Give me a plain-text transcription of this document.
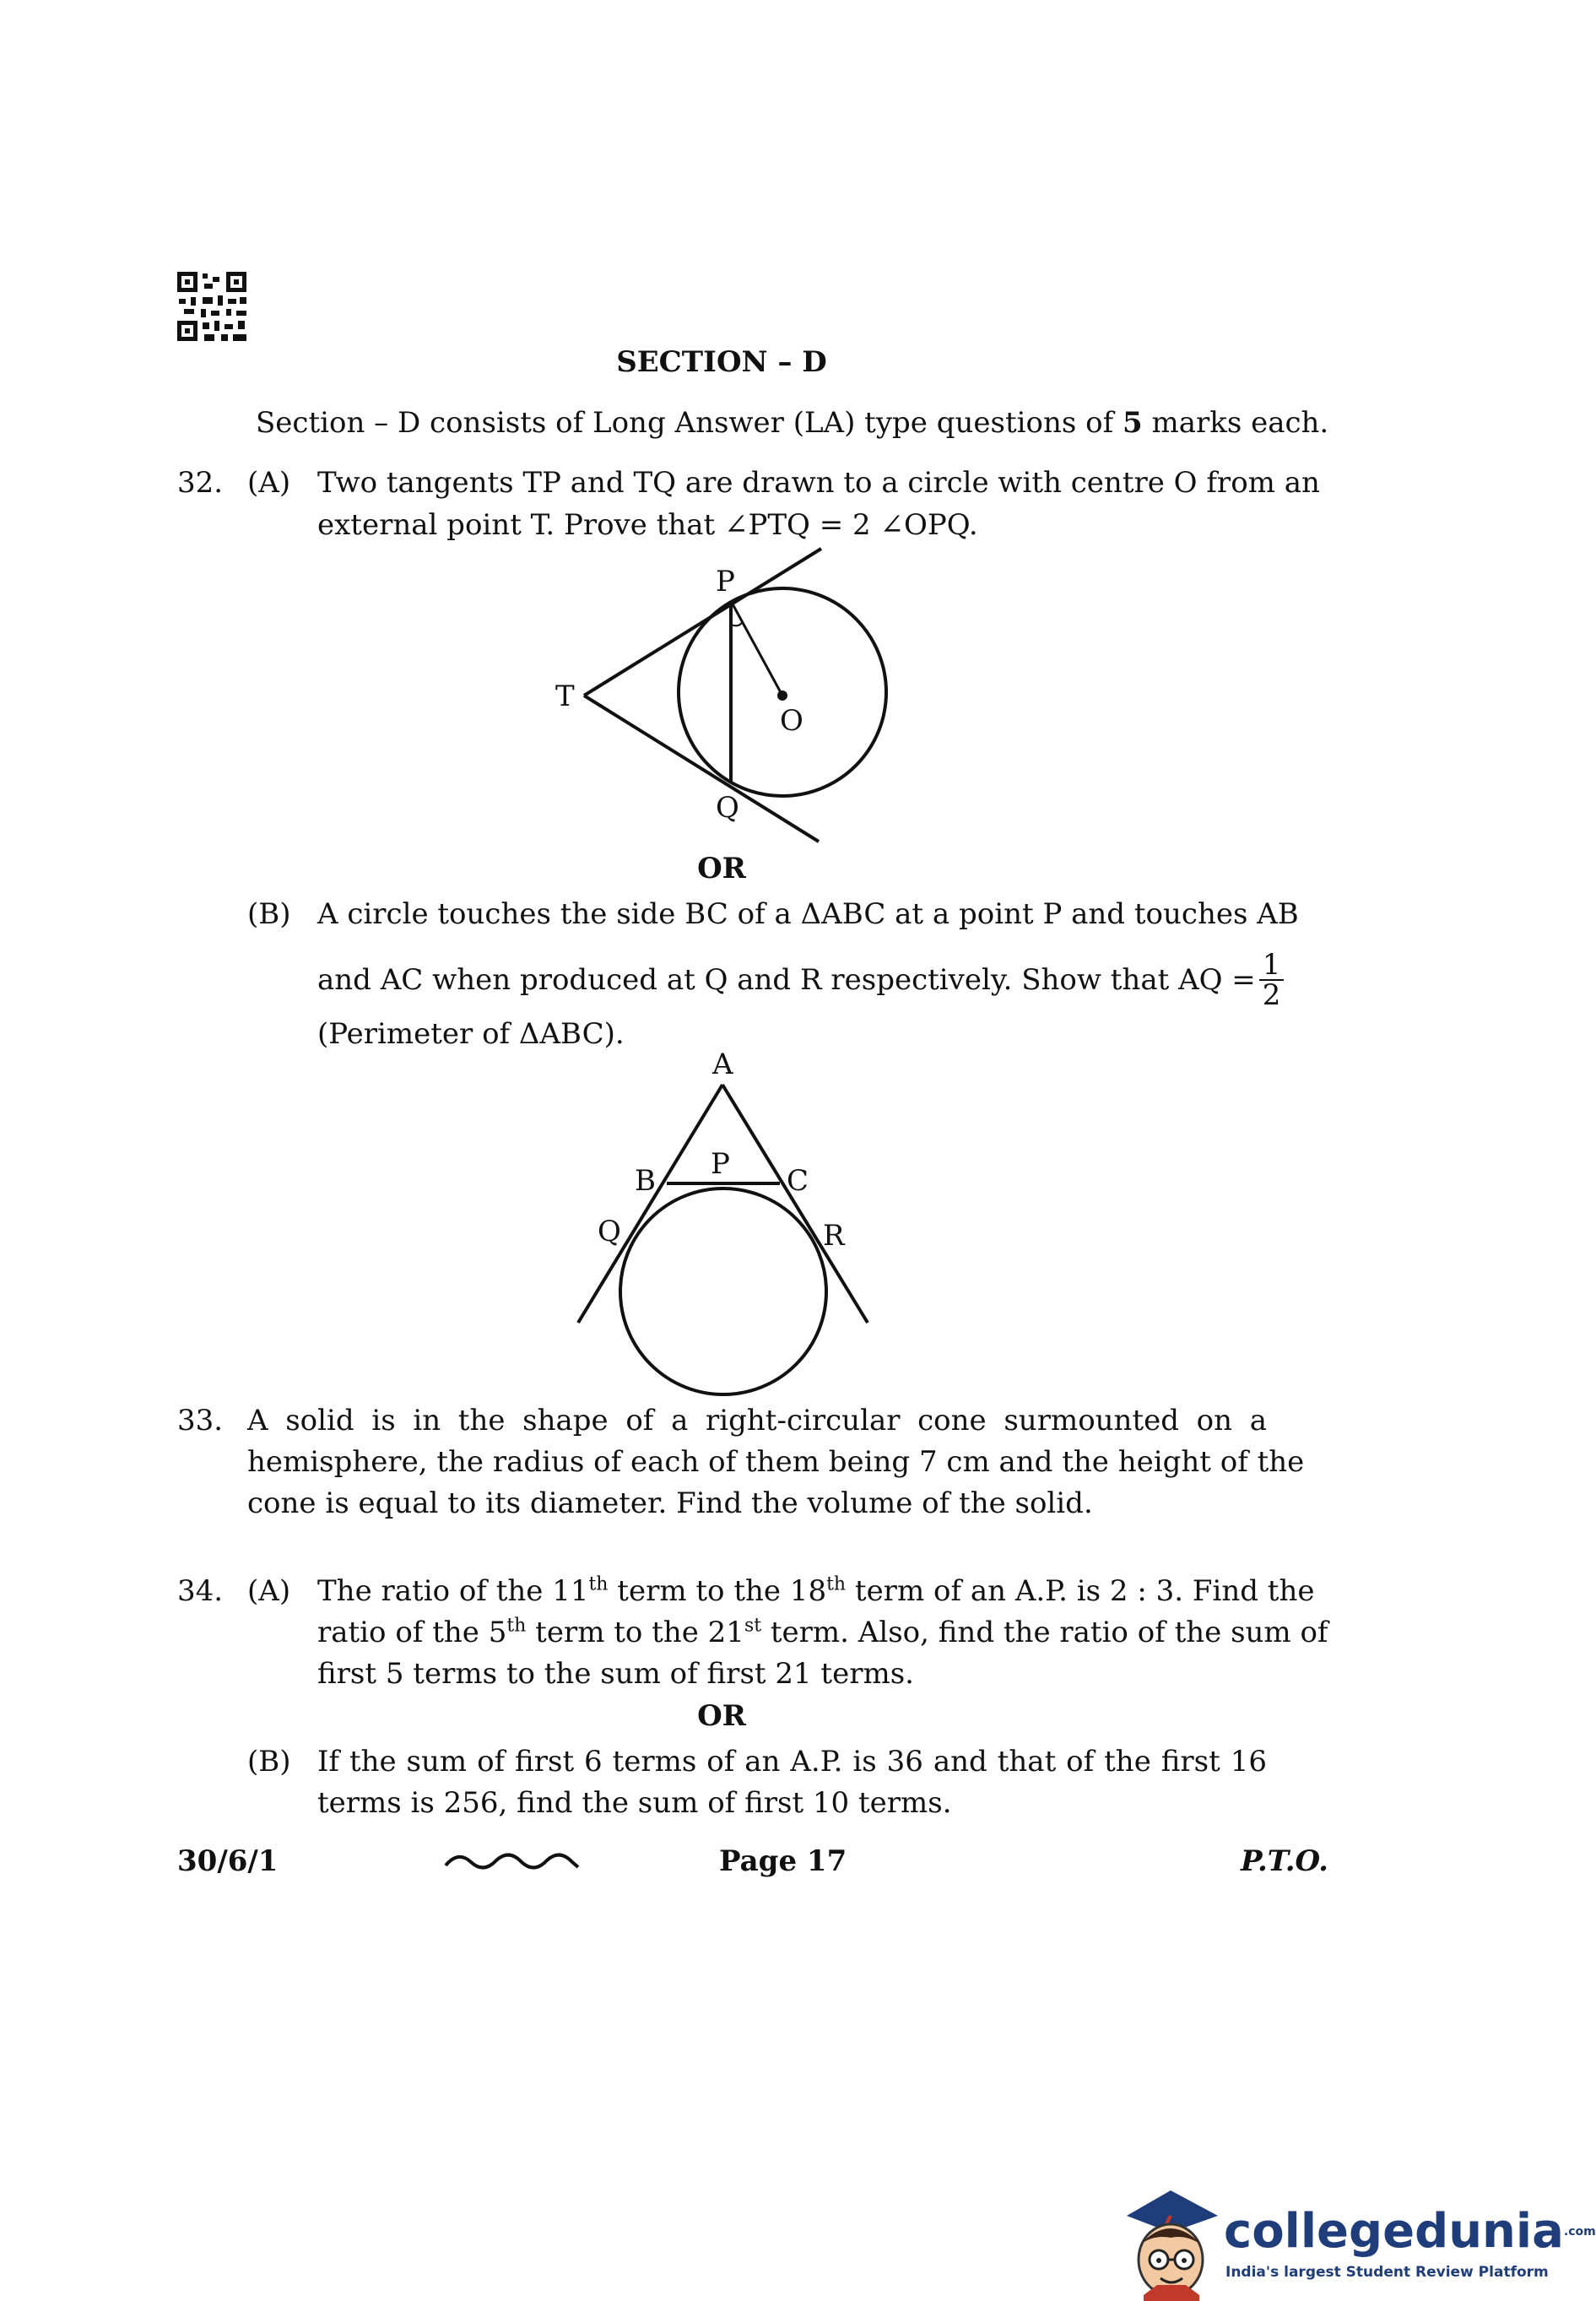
SECTION – D
Section – D consists of Long Answer (LA) type questions of 5 marks each.
32. (A) Two tangents TP and TQ are drawn to a circle with centre O from an
external point T. Prove that ∠PTQ = 2 ∠OPQ.
P
T
O
Q
OR
(B) A circle touches the side BC of a ΔABC at a point P and touches AB
and AC when produced at Q and R respectively. Show that AQ = $\frac{1}{2}$
(Perimeter of ΔABC).
A
B P C
Q	R
33. A solid is in the shape of a right-circular cone surmounted on a
hemisphere, the radius of each of them being 7 cm and the height of the
cone is equal to its diameter. Find the volume of the solid.
34. (A) The ratio of the 11th term to the 18th term of an A.P. is 2 : 3. Find the
ratio of the 5th term to the 21st term. Also, find the ratio of the sum of
first 5 terms to the sum of first 21 terms.
OR
(B) If the sum of first 6 terms of an A.P. is 36 and that of the first 16
terms is 256, find the sum of first 10 terms.
30/6/1	Page 17	P.T.O.
collegedunia$^{.com}$
India's largest Student Review Platform
